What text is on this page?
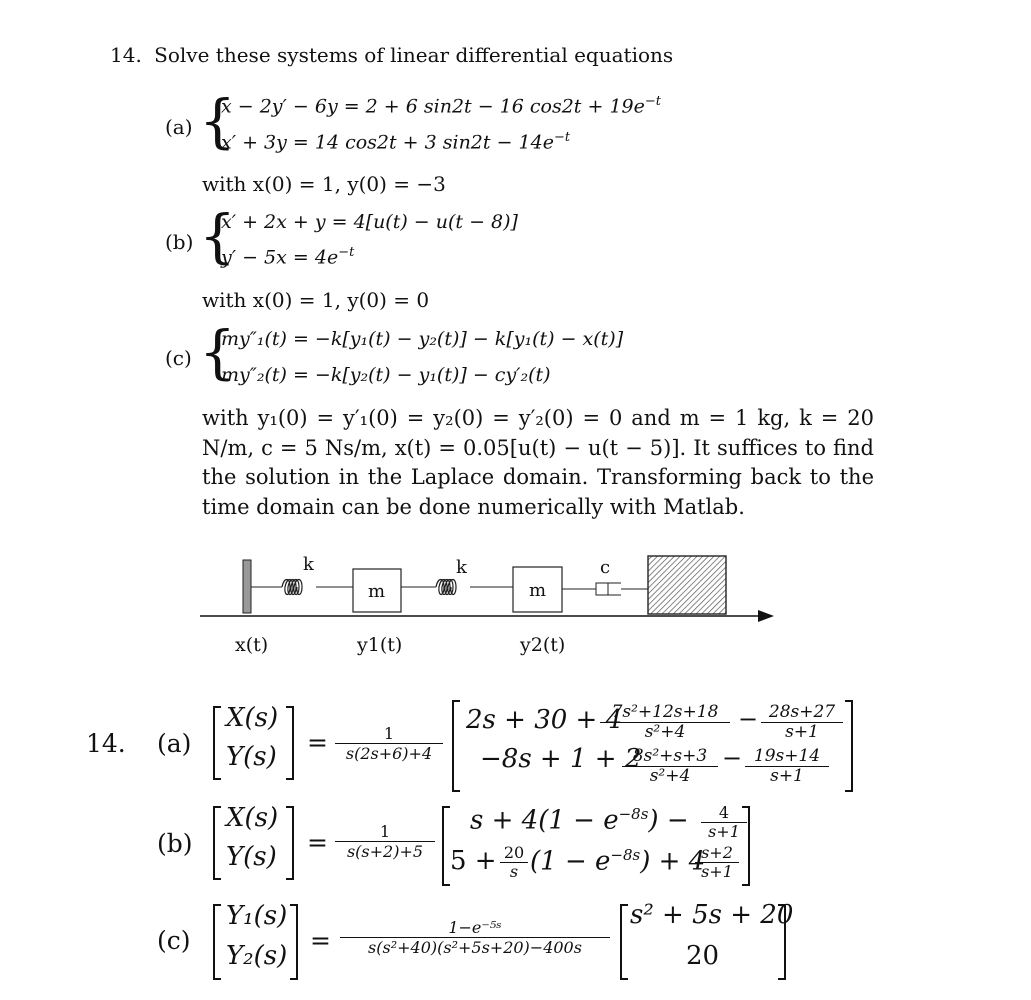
14. Solve these systems of linear differential equations
(a) {
x − 2y′ − 6y = 2 + 6 sin2t − 16 $\cos 2t + 19e^{-t}$
x′ + 3y = 14 cos2t + 3 $\sin 2t - 14e^{-t}$
with x(0) = 1, y(0) = −3
(b) {
x′ + 2x + y = 4[u(t) − u(t − 8)]
$y' - 5x = 4e^{-t}$
with x(0) = 1, y(0) = 0
(c) {
my″₁(t) = −k[y₁(t) − y₂(t)] − k[y₁(t) − x(t)]
my″₂(t) = −k[y₂(t) − y₁(t)] − cy′₂(t)
with y₁(0) = y′₁(0) = y₂(0) = y′₂(0) = 0 and m = 1 kg, k = 20 N/m, c = 5 Ns/m, x(t) = 0.05[u(t) − u(t − 5)]. It suffices to find the solution in the Laplace domain. Transforming back to the time domain can be done numerically with Matlab.
k
m
k
m
c
x(t)	y1(t)	y2(t)
14. (a)
X(s)
$Y(s) = \frac{1}{s(2s+6)+4}$
2s + 30 + 4
$\frac{\text{7s²+12s+18}}{\text{s²+4}} - \frac{28s+27}{s+1}$
−8s + 1 + 2
$\frac{\text{8s²+s+3}}{\text{s²+4}} - \frac{19s+14}{s+1}$
(b)
X(s)
$Y(s) = \frac{1}{s(s+2)+5}$
$s + 4(1 - e^{-8s}) - \frac{4}{s+1}$
$5 + \frac{20}{s} (1 - e^{-8s}) + 4$
$\frac{s+2}{s+1}$
(c)
Y₁(s)
Y₂(s)
= $\frac{\text{1−e⁻⁵ˢ}}{\text{s(s²+40)(s²+5s+20)−400s}}$
s² + 5s + 20
20
